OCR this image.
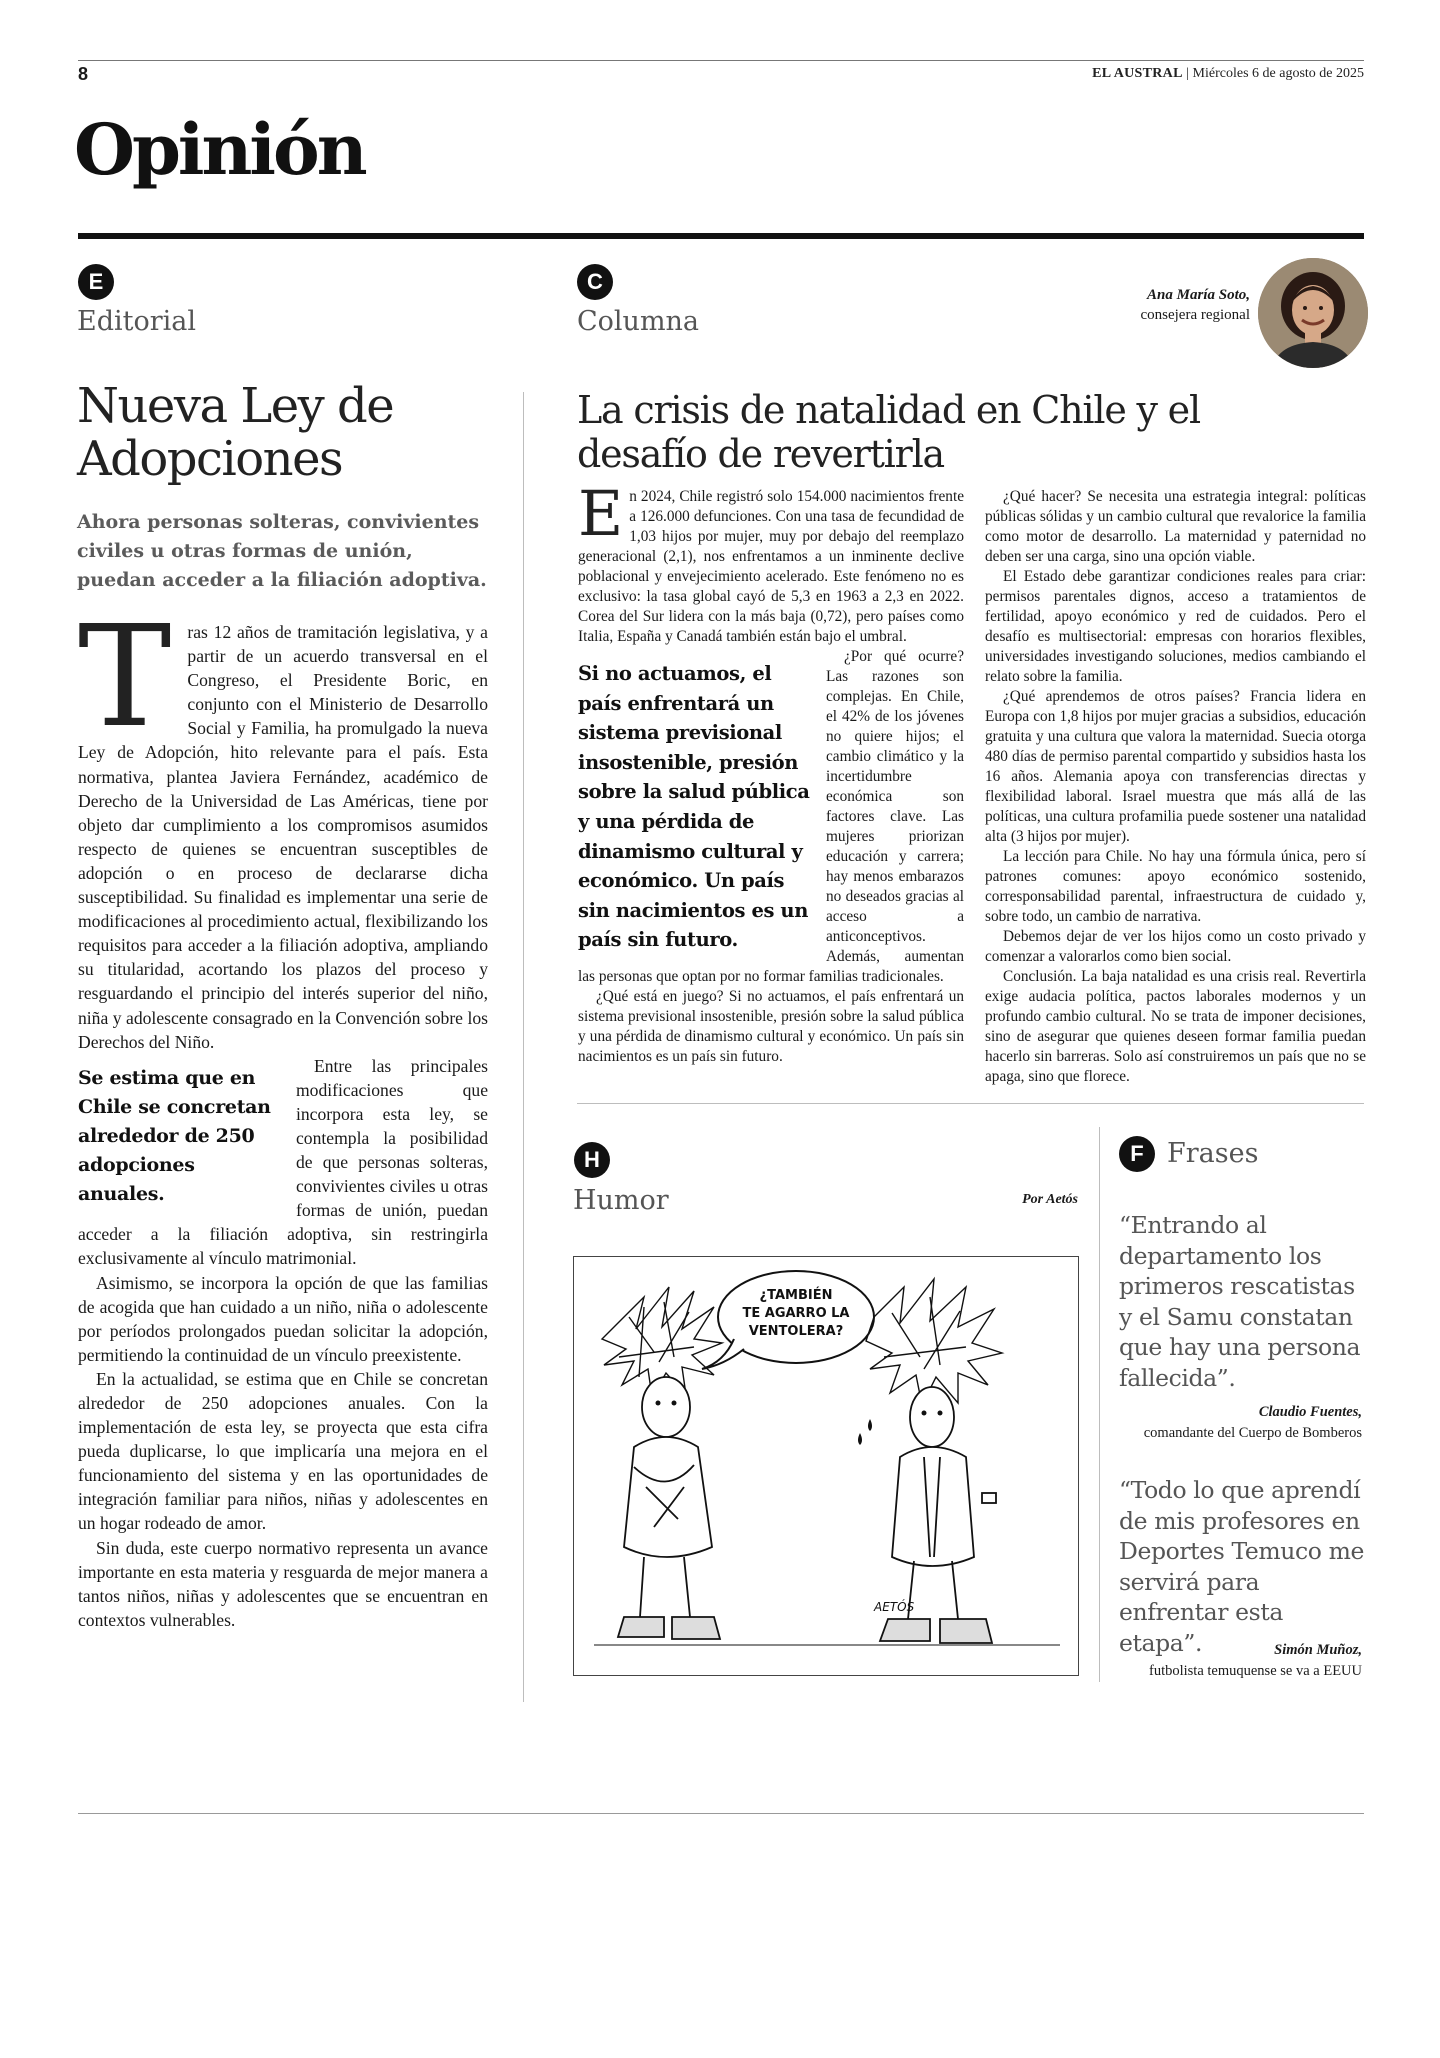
8	EL AUSTRAL | Miércoles 6 de agosto de 2025
Opinión
E
Editorial
Nueva Ley de Adopciones
Ahora personas solteras, convivientes civiles u otras formas de unión, puedan acceder a la filiación adoptiva.

Tras 12 años de tramitación legislativa, y a partir de un acuerdo transversal en el Congreso, el Presidente Boric, en conjunto con el Ministerio de Desarrollo Social y Familia, ha promulgado la nueva Ley de Adopción, hito relevante para el país. Esta normativa, plantea Javiera Fernández, académico de Derecho de la Universidad de Las Américas, tiene por objeto dar cumplimiento a los compromisos asumidos respecto de quienes se encuentran susceptibles de adopción o en proceso de declararse dicha susceptibilidad. Su finalidad es implementar una serie de modificaciones al procedimiento actual, flexibilizando los requisitos para acceder a la filiación adoptiva, ampliando su titularidad, acortando los plazos del proceso y resguardando el principio del interés superior del niño, niña y adolescente consagrado en la Convención sobre los Derechos del Niño.

Se estima que en Chile se concretan alrededor de 250 adopciones anuales.
Entre las principales modificaciones que incorpora esta ley, se contempla la posibilidad de que personas solteras, convivientes civiles u otras formas de unión, puedan acceder a la filiación adoptiva, sin restringirla exclusivamente al vínculo matrimonial.

Asimismo, se incorpora la opción de que las familias de acogida que han cuidado a un niño, niña o adolescente por períodos prolongados puedan solicitar la adopción, permitiendo la continuidad de un vínculo preexistente.

En la actualidad, se estima que en Chile se concretan alrededor de 250 adopciones anuales. Con la implementación de esta ley, se proyecta que esta cifra pueda duplicarse, lo que implicaría una mejora en el funcionamiento del sistema y en las oportunidades de integración familiar para niños, niñas y adolescentes en un hogar rodeado de amor.

Sin duda, este cuerpo normativo representa un avance importante en esta materia y resguarda de mejor manera a tantos niños, niñas y adolescentes que se encuentran en contextos vulnerables.

C
Columna
Ana María Soto,
consejera regional
La crisis de natalidad en Chile y el desafío de revertirla

En 2024, Chile registró solo 154.000 nacimientos frente a 126.000 defunciones. Con una tasa de fecundidad de 1,03 hijos por mujer, muy por debajo del reemplazo generacional (2,1), nos enfrentamos a un inminente declive poblacional y envejecimiento acelerado. Este fenómeno no es exclusivo: la tasa global cayó de 5,3 en 1963 a 2,3 en 2022. Corea del Sur lidera con la más baja (0,72), pero países como Italia, España y Canadá también están bajo el umbral.

Si no actuamos, el país enfrentará un sistema previsional insostenible, presión sobre la salud pública y una pérdida de dinamismo cultural y económico. Un país sin nacimientos es un país sin futuro.
¿Por qué ocurre? Las razones son complejas. En Chile, el 42% de los jóvenes no quiere hijos; el cambio climático y la incertidumbre económica son factores clave. Las mujeres priorizan educación y carrera; hay menos embarazos no deseados gracias al acceso a anticonceptivos. Además, aumentan las personas que optan por no formar familias tradicionales.

¿Qué está en juego? Si no actuamos, el país enfrentará un sistema previsional insostenible, presión sobre la salud pública y una pérdida de dinamismo cultural y económico. Un país sin nacimientos es un país sin futuro.

¿Qué hacer? Se necesita una estrategia integral: políticas públicas sólidas y un cambio cultural que revalorice la familia como motor de desarrollo. La maternidad y paternidad no deben ser una carga, sino una opción viable.

El Estado debe garantizar condiciones reales para criar: permisos parentales dignos, acceso a tratamientos de fertilidad, apoyo económico y red de cuidados. Pero el desafío es multisectorial: empresas con horarios flexibles, universidades investigando soluciones, medios cambiando el relato sobre la familia.

¿Qué aprendemos de otros países? Francia lidera en Europa con 1,8 hijos por mujer gracias a subsidios, educación gratuita y una cultura que valora la maternidad. Suecia otorga 480 días de permiso parental compartido y subsidios hasta los 16 años. Alemania apoya con transferencias directas y flexibilidad laboral. Israel muestra que más allá de las políticas, una cultura profamilia puede sostener una natalidad alta (3 hijos por mujer).

La lección para Chile. No hay una fórmula única, pero sí patrones comunes: apoyo económico sostenido, corresponsabilidad parental, infraestructura de cuidado y, sobre todo, un cambio de narrativa.

Debemos dejar de ver los hijos como un costo privado y comenzar a valorarlos como bien social.

Conclusión. La baja natalidad es una crisis real. Revertirla exige audacia política, pactos laborales modernos y un profundo cambio cultural. No se trata de imponer decisiones, sino de asegurar que quienes deseen formar familia puedan hacerlo sin barreras. Solo así construiremos un país que no se apaga, sino que florece.

H
Humor	Por Aetós
¿TAMBIÉN
TE AGARRO LA
VENTOLERA?
AETÓS
F Frases
“Entrando al departamento los primeros rescatistas y el Samu constatan que hay una persona fallecida”.
Claudio Fuentes,
comandante del Cuerpo de Bomberos
“Todo lo que aprendí de mis profesores en Deportes Temuco me servirá para enfrentar esta etapa”.	Simón Muñoz,
futbolista temuquense se va a EEUU
